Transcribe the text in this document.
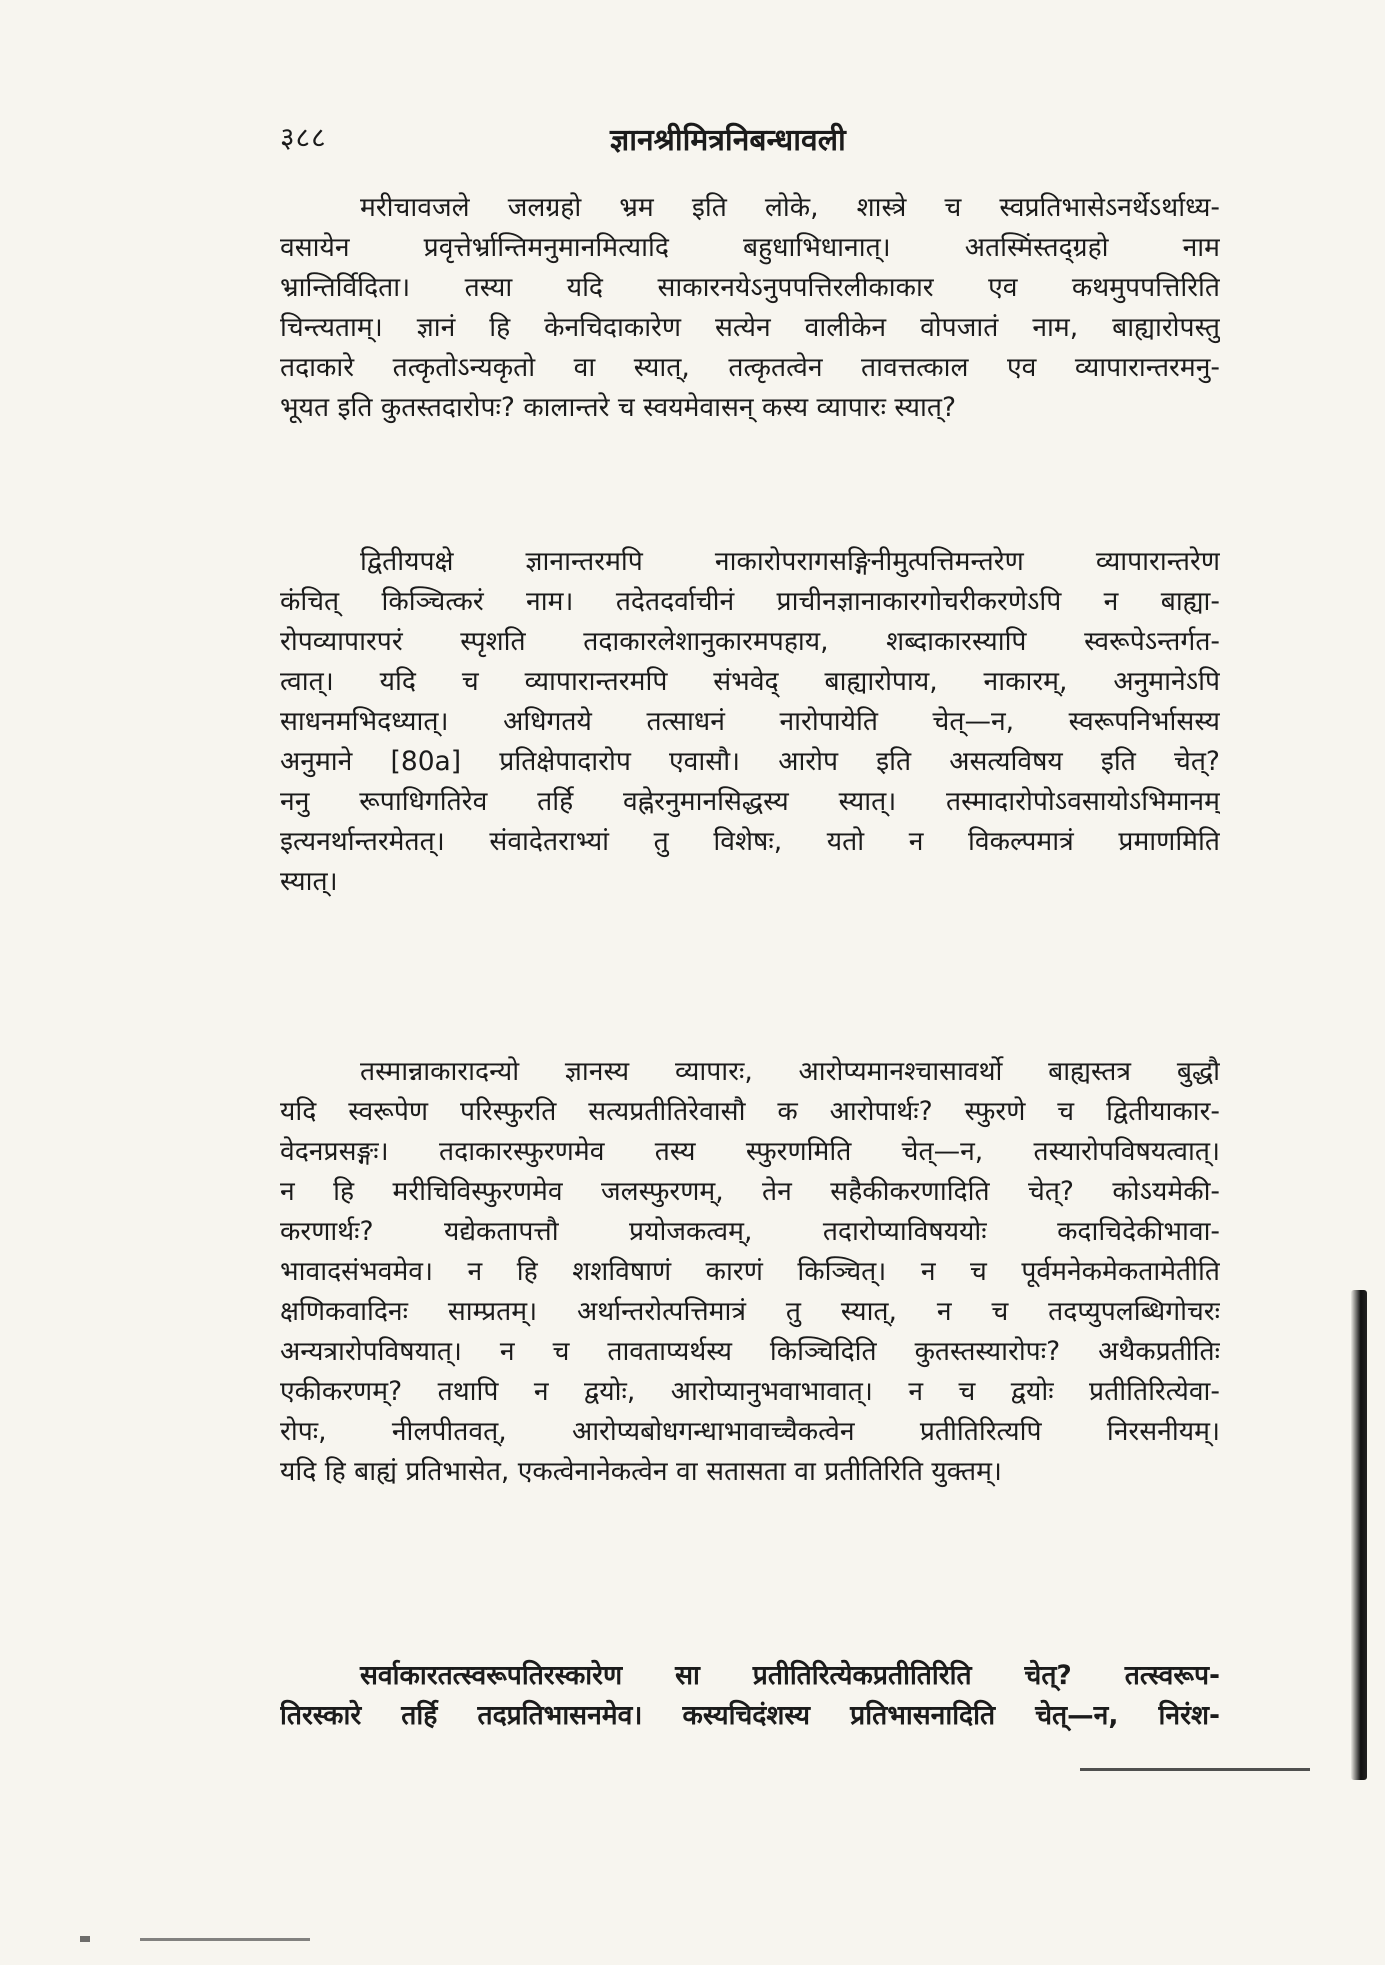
३८८	ज्ञानश्रीमित्रनिबन्धावली
मरीचावजले जलग्रहो भ्रम इति लोके, शास्त्रे च स्वप्रतिभासेऽनर्थेऽर्थाध्य-
वसायेन प्रवृत्तेर्भ्रान्तिमनुमानमित्यादि बहुधाभिधानात्। अतस्मिंस्तद्ग्रहो नाम
भ्रान्तिर्विदिता। तस्या यदि साकारनयेऽनुपपत्तिरलीकाकार एव कथमुपपत्तिरिति
चिन्त्यताम्। ज्ञानं हि केनचिदाकारेण सत्येन वालीकेन वोपजातं नाम, बाह्यारोपस्तु
तदाकारे तत्कृतोऽन्यकृतो वा स्यात्, तत्कृतत्वेन तावत्तत्काल एव व्यापारान्तरमनु-
भूयत इति कुतस्तदारोपः? कालान्तरे च स्वयमेवासन् कस्य व्यापारः स्यात्?
द्वितीयपक्षे ज्ञानान्तरमपि नाकारोपरागसङ्गिनीमुत्पत्तिमन्तरेण व्यापारान्तरेण
कंचित् किञ्चित्करं नाम। तदेतदर्वाचीनं प्राचीनज्ञानाकारगोचरीकरणेऽपि न बाह्या-
रोपव्यापारपरं स्पृशति तदाकारलेशानुकारमपहाय, शब्दाकारस्यापि स्वरूपेऽन्तर्गत-
त्वात्। यदि च व्यापारान्तरमपि संभवेद् बाह्यारोपाय, नाकारम्, अनुमानेऽपि
साधनमभिदध्यात्। अधिगतये तत्साधनं नारोपायेति चेत्—न, स्वरूपनिर्भासस्य
अनुमाने [80a] प्रतिक्षेपादारोप एवासौ। आरोप इति असत्यविषय इति चेत्?
ननु रूपाधिगतिरेव तर्हि वह्नेरनुमानसिद्धस्य स्यात्। तस्मादारोपोऽवसायोऽभिमानम्
इत्यनर्थान्तरमेतत्। संवादेतराभ्यां तु विशेषः, यतो न विकल्पमात्रं प्रमाणमिति
स्यात्।
तस्मान्नाकारादन्यो ज्ञानस्य व्यापारः, आरोप्यमानश्चासावर्थो बाह्यस्तत्र बुद्धौ
यदि स्वरूपेण परिस्फुरति सत्यप्रतीतिरेवासौ क आरोपार्थः? स्फुरणे च द्वितीयाकार-
वेदनप्रसङ्गः। तदाकारस्फुरणमेव तस्य स्फुरणमिति चेत्—न, तस्यारोपविषयत्वात्।
न हि मरीचिविस्फुरणमेव जलस्फुरणम्, तेन सहैकीकरणादिति चेत्? कोऽयमेकी-
करणार्थः? यद्येकतापत्तौ प्रयोजकत्वम्, तदारोप्याविषययोः कदाचिदेकीभावा-
भावादसंभवमेव। न हि शशविषाणं कारणं किञ्चित्। न च पूर्वमनेकमेकतामेतीति
क्षणिकवादिनः साम्प्रतम्। अर्थान्तरोत्पत्तिमात्रं तु स्यात्, न च तदप्युपलब्धिगोचरः
अन्यत्रारोपविषयात्। न च तावताप्यर्थस्य किञ्चिदिति कुतस्तस्यारोपः? अथैकप्रतीतिः
एकीकरणम्? तथापि न द्वयोः, आरोप्यानुभवाभावात्। न च द्वयोः प्रतीतिरित्येवा-
रोपः, नीलपीतवत्, आरोप्यबोधगन्धाभावाच्चैकत्वेन प्रतीतिरित्यपि निरसनीयम्।
यदि हि बाह्यं प्रतिभासेत, एकत्वेनानेकत्वेन वा सतासता वा प्रतीतिरिति युक्तम्।
सर्वाकारतत्स्वरूपतिरस्कारेण सा प्रतीतिरित्येकप्रतीतिरिति चेत्? तत्स्वरूप-
तिरस्कारे तर्हि तदप्रतिभासनमेव। कस्यचिदंशस्य प्रतिभासनादिति चेत्—न, निरंश-
